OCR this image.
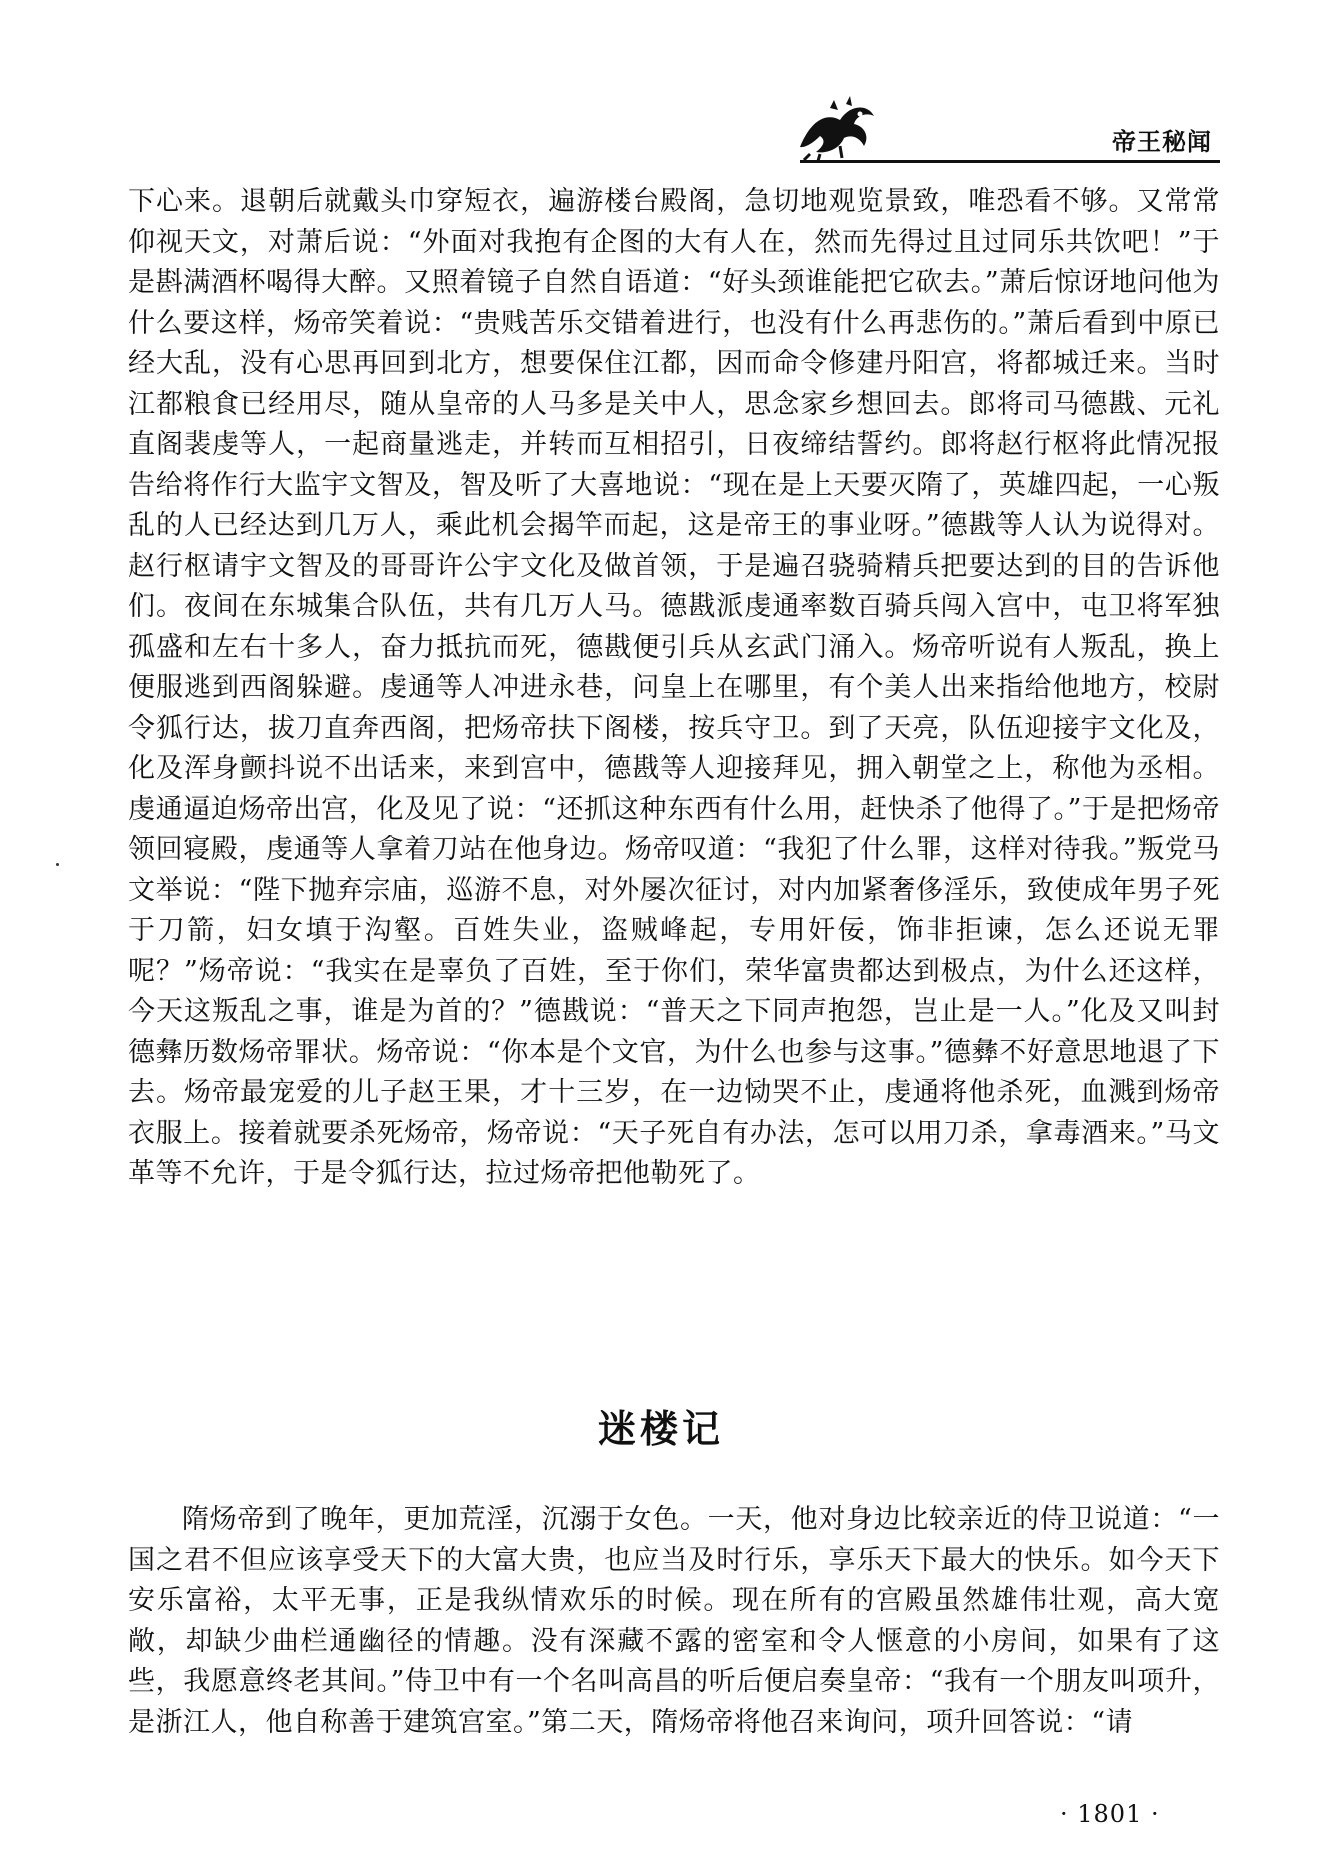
帝王秘闻
下心来。退朝后就戴头巾穿短衣，遍游楼台殿阁，急切地观览景致，唯恐看不够。又常常仰视天文，对萧后说：“外面对我抱有企图的大有人在，然而先得过且过同乐共饮吧！”于是斟满酒杯喝得大醉。又照着镜子自然自语道：“好头颈谁能把它砍去。”萧后惊讶地问他为什么要这样，炀帝笑着说：“贵贱苦乐交错着进行，也没有什么再悲伤的。”萧后看到中原已经大乱，没有心思再回到北方，想要保住江都，因而命令修建丹阳宫，将都城迁来。当时江都粮食已经用尽，随从皇帝的人马多是关中人，思念家乡想回去。郎将司马德戡、元礼直阁裴虔等人，一起商量逃走，并转而互相招引，日夜缔结誓约。郎将赵行枢将此情况报告给将作行大监宇文智及，智及听了大喜地说：“现在是上天要灭隋了，英雄四起，一心叛乱的人已经达到几万人，乘此机会揭竿而起，这是帝王的事业呀。”德戡等人认为说得对。赵行枢请宇文智及的哥哥许公宇文化及做首领，于是遍召骁骑精兵把要达到的目的告诉他们。夜间在东城集合队伍，共有几万人马。德戡派虔通率数百骑兵闯入宫中，屯卫将军独孤盛和左右十多人，奋力抵抗而死，德戡便引兵从玄武门涌入。炀帝听说有人叛乱，换上便服逃到西阁躲避。虔通等人冲进永巷，问皇上在哪里，有个美人出来指给他地方，校尉令狐行达，拔刀直奔西阁，把炀帝扶下阁楼，按兵守卫。到了天亮，队伍迎接宇文化及，化及浑身颤抖说不出话来，来到宫中，德戡等人迎接拜见，拥入朝堂之上，称他为丞相。虔通逼迫炀帝出宫，化及见了说：“还抓这种东西有什么用，赶快杀了他得了。”于是把炀帝领回寝殿，虔通等人拿着刀站在他身边。炀帝叹道：“我犯了什么罪，这样对待我。”叛党马文举说：“陛下抛弃宗庙，巡游不息，对外屡次征讨，对内加紧奢侈淫乐，致使成年男子死于刀箭，妇女填于沟壑。百姓失业，盗贼峰起，专用奸佞，饰非拒谏，怎么还说无罪呢？”炀帝说：“我实在是辜负了百姓，至于你们，荣华富贵都达到极点，为什么还这样，今天这叛乱之事，谁是为首的？”德戡说：“普天之下同声抱怨，岂止是一人。”化及又叫封德彝历数炀帝罪状。炀帝说：“你本是个文官，为什么也参与这事。”德彝不好意思地退了下去。炀帝最宠爱的儿子赵王果，才十三岁，在一边恸哭不止，虔通将他杀死，血溅到炀帝衣服上。接着就要杀死炀帝，炀帝说：“天子死自有办法，怎可以用刀杀，拿毒酒来。”马文革等不允许，于是令狐行达，拉过炀帝把他勒死了。
迷楼记
隋炀帝到了晚年，更加荒淫，沉溺于女色。一天，他对身边比较亲近的侍卫说道：“一国之君不但应该享受天下的大富大贵，也应当及时行乐，享乐天下最大的快乐。如今天下安乐富裕，太平无事，正是我纵情欢乐的时候。现在所有的宫殿虽然雄伟壮观，高大宽敞，却缺少曲栏通幽径的情趣。没有深藏不露的密室和令人惬意的小房间，如果有了这些，我愿意终老其间。”侍卫中有一个名叫高昌的听后便启奏皇帝：“我有一个朋友叫项升，是浙江人，他自称善于建筑宫室。”第二天，隋炀帝将他召来询问，项升回答说：“请
· 1801 ·
